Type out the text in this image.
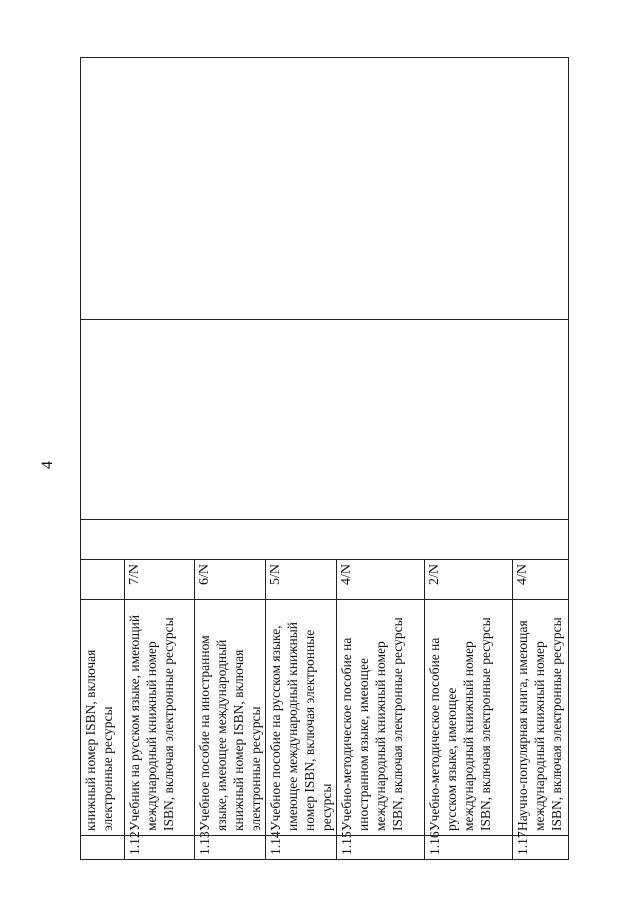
4
	книжный номер ISBN, включая электронные ресурсы				
1.12	Учебник на русском языке, имеющий международный книжный номер ISBN, включая электронные ресурсы	7/N			

1.13	Учебное пособие на иностранном языке, имеющее международный книжный номер ISBN, включая электронные ресурсы	6/N			

1.14	Учебное пособие на русском языке, имеющее международный книжный номер ISBN, включая электронные ресурсы	5/N			

1.15	Учебно-методическое пособие на иностранном языке, имеющее международный книжный номер ISBN, включая электронные ресурсы	4/N			

1.16	Учебно-методическое пособие на русском языке, имеющее международный книжный номер ISBN, включая электронные ресурсы	2/N			

1.17	Научно-популярная книга, имеющая международный книжный номер ISBN, включая электронные ресурсы	4/N			
